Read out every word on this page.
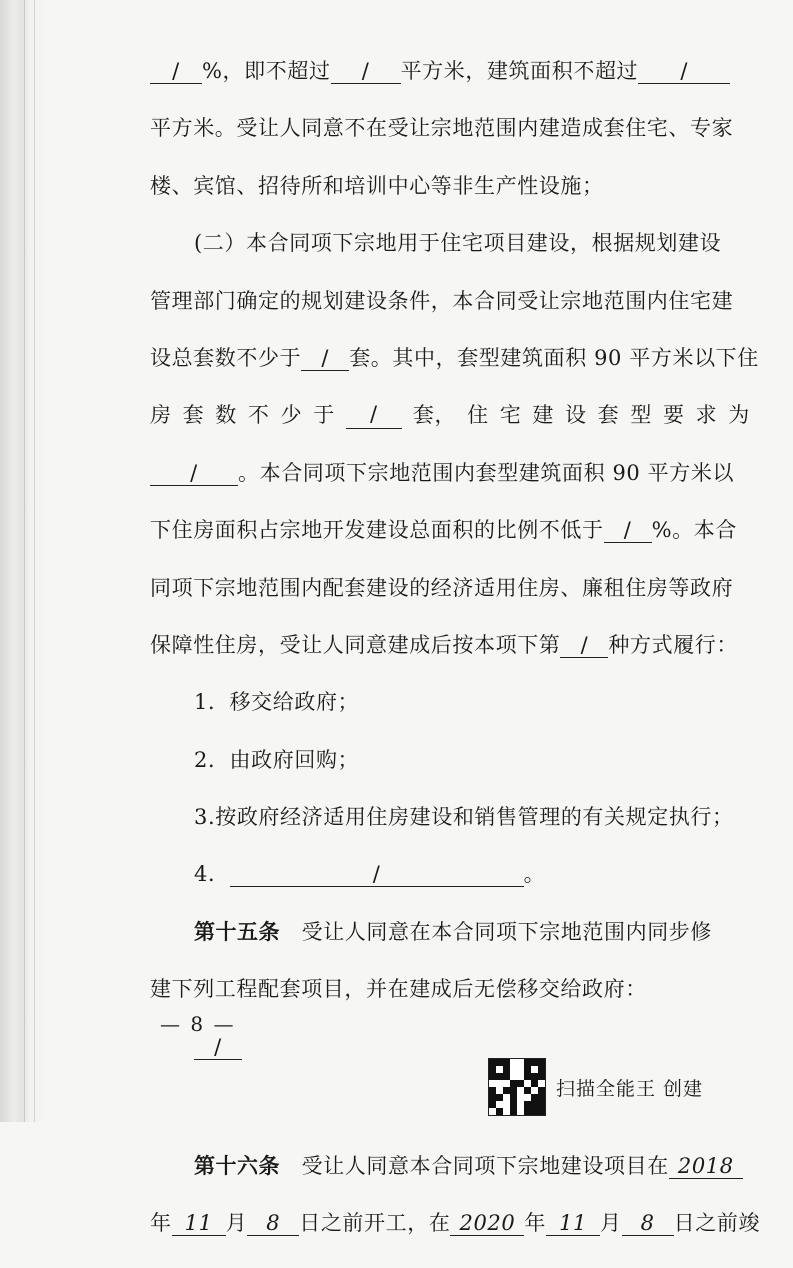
/ %，即不超过 / 平方米，建筑面积不超过 /
平方米。受让人同意不在受让宗地范围内建造成套住宅、专家
楼、宾馆、招待所和培训中心等非生产性设施；
(二）本合同项下宗地用于住宅项目建设，根据规划建设
管理部门确定的规划建设条件，本合同受让宗地范围内住宅建
设总套数不少于 / 套。其中，套型建筑面积 90 平方米以下住
房 套 数 不 少 于	/	套， 住 宅 建 设 套 型 要 求 为
/ 。本合同项下宗地范围内套型建筑面积 90 平方米以
下住房面积占宗地开发建设总面积的比例不低于 / %。本合
同项下宗地范围内配套建设的经济适用住房、廉租住房等政府
保障性住房，受让人同意建成后按本项下第 / 种方式履行：
1．移交给政府；
2．由政府回购；
3.按政府经济适用住房建设和销售管理的有关规定执行；
4．	/	。
第十五条　受让人同意在本合同项下宗地范围内同步修
建下列工程配套项目，并在建成后无偿移交给政府：
/
第十六条　受让人同意本合同项下宗地建设项目在 2018
年 11 月 8 日之前开工，在 2020 年 11 月 8 日之前竣
— 8 —
扫描全能王 创建
